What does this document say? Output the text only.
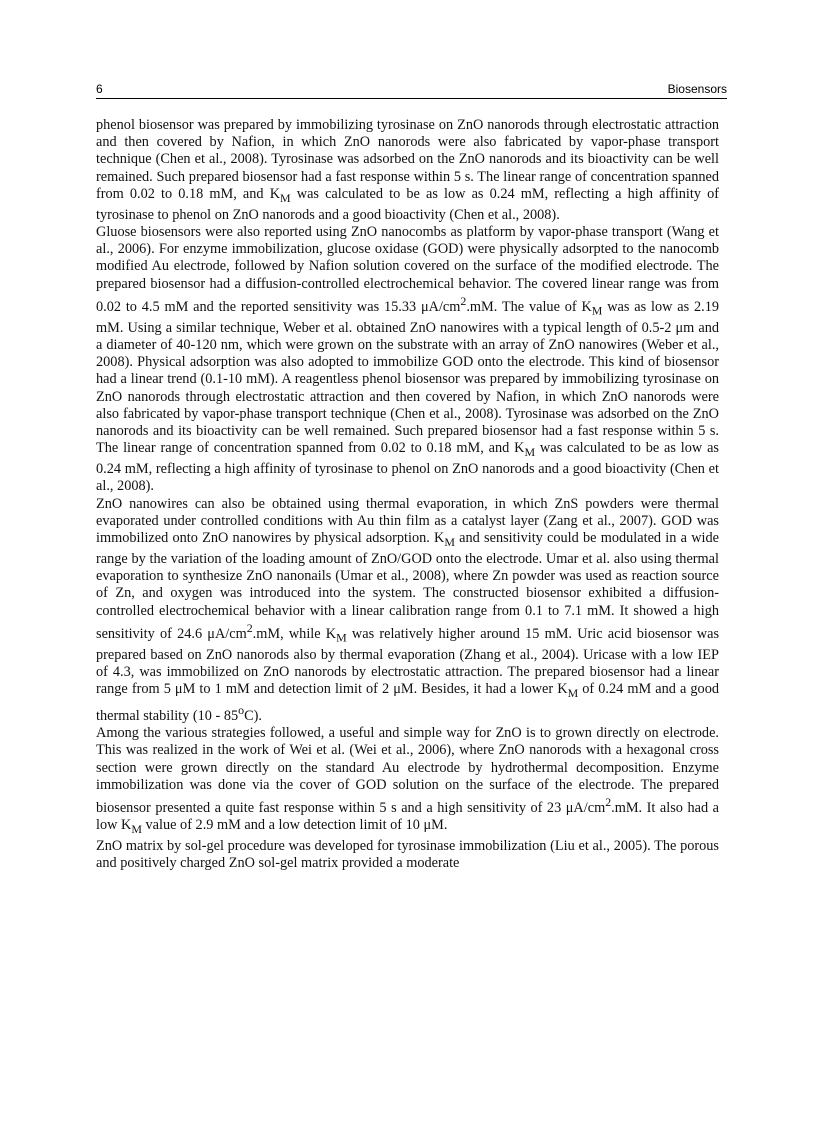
6	Biosensors

phenol biosensor was prepared by immobilizing tyrosinase on ZnO nanorods through electrostatic attraction and then covered by Nafion, in which ZnO nanorods were also fabricated by vapor-phase transport technique (Chen et al., 2008). Tyrosinase was adsorbed on the ZnO nanorods and its bioactivity can be well remained. Such prepared biosensor had a fast response within 5 s. The linear range of concentration spanned from 0.02 to 0.18 mM, and $K_M$ was calculated to be as low as 0.24 mM, reflecting a high affinity of tyrosinase to phenol on ZnO nanorods and a good bioactivity (Chen et al., 2008).

Gluose biosensors were also reported using ZnO nanocombs as platform by vapor-phase transport (Wang et al., 2006). For enzyme immobilization, glucose oxidase (GOD) were physically adsorpted to the nanocomb modified Au electrode, followed by Nafion solution covered on the surface of the modified electrode. The prepared biosensor had a diffusion-controlled electrochemical behavior. The covered linear range was from 0.02 to 4.5 mM and the reported sensitivity was 15.33 $\mu A/cm^2.mM$. The value of $K_M$ was as low as 2.19 mM. Using a similar technique, Weber et al. obtained ZnO nanowires with a typical length of 0.5-2 μm and a diameter of 40-120 nm, which were grown on the substrate with an array of ZnO nanowires (Weber et al., 2008). Physical adsorption was also adopted to immobilize GOD onto the electrode. This kind of biosensor had a linear trend (0.1-10 mM). A reagentless phenol biosensor was prepared by immobilizing tyrosinase on ZnO nanorods through electrostatic attraction and then covered by Nafion, in which ZnO nanorods were also fabricated by vapor-phase transport technique (Chen et al., 2008). Tyrosinase was adsorbed on the ZnO nanorods and its bioactivity can be well remained. Such prepared biosensor had a fast response within 5 s. The linear range of concentration spanned from 0.02 to 0.18 mM, and $K_M$ was calculated to be as low as 0.24 mM, reflecting a high affinity of tyrosinase to phenol on ZnO nanorods and a good bioactivity (Chen et al., 2008).

ZnO nanowires can also be obtained using thermal evaporation, in which ZnS powders were thermal evaporated under controlled conditions with Au thin film as a catalyst layer (Zang et al., 2007). GOD was immobilized onto ZnO nanowires by physical adsorption. $K_M$ and sensitivity could be modulated in a wide range by the variation of the loading amount of ZnO/GOD onto the electrode. Umar et al. also using thermal evaporation to synthesize ZnO nanonails (Umar et al., 2008), where Zn powder was used as reaction source of Zn, and oxygen was introduced into the system. The constructed biosensor exhibited a diffusion-controlled electrochemical behavior with a linear calibration range from 0.1 to 7.1 mM. It showed a high sensitivity of 24.6 $\mu A/cm^2.mM$, while $K_M$ was relatively higher around 15 mM. Uric acid biosensor was prepared based on ZnO nanorods also by thermal evaporation (Zhang et al., 2004). Uricase with a low IEP of 4.3, was immobilized on ZnO nanorods by electrostatic attraction. The prepared biosensor had a linear range from 5 μM to 1 mM and detection limit of 2 μM. Besides, it had a lower $K_M$ of 0.24 mM and a good thermal stability (10 - 85$^o$C).

Among the various strategies followed, a useful and simple way for ZnO is to grown directly on electrode. This was realized in the work of Wei et al. (Wei et al., 2006), where ZnO nanorods with a hexagonal cross section were grown directly on the standard Au electrode by hydrothermal decomposition. Enzyme immobilization was done via the cover of GOD solution on the surface of the electrode. The prepared biosensor presented a quite fast response within 5 s and a high sensitivity of 23 $\mu A/cm^2.mM$. It also had a low $K_M$ value of 2.9 mM and a low detection limit of 10 μM.

ZnO matrix by sol-gel procedure was developed for tyrosinase immobilization (Liu et al., 2005). The porous and positively charged ZnO sol-gel matrix provided a moderate
